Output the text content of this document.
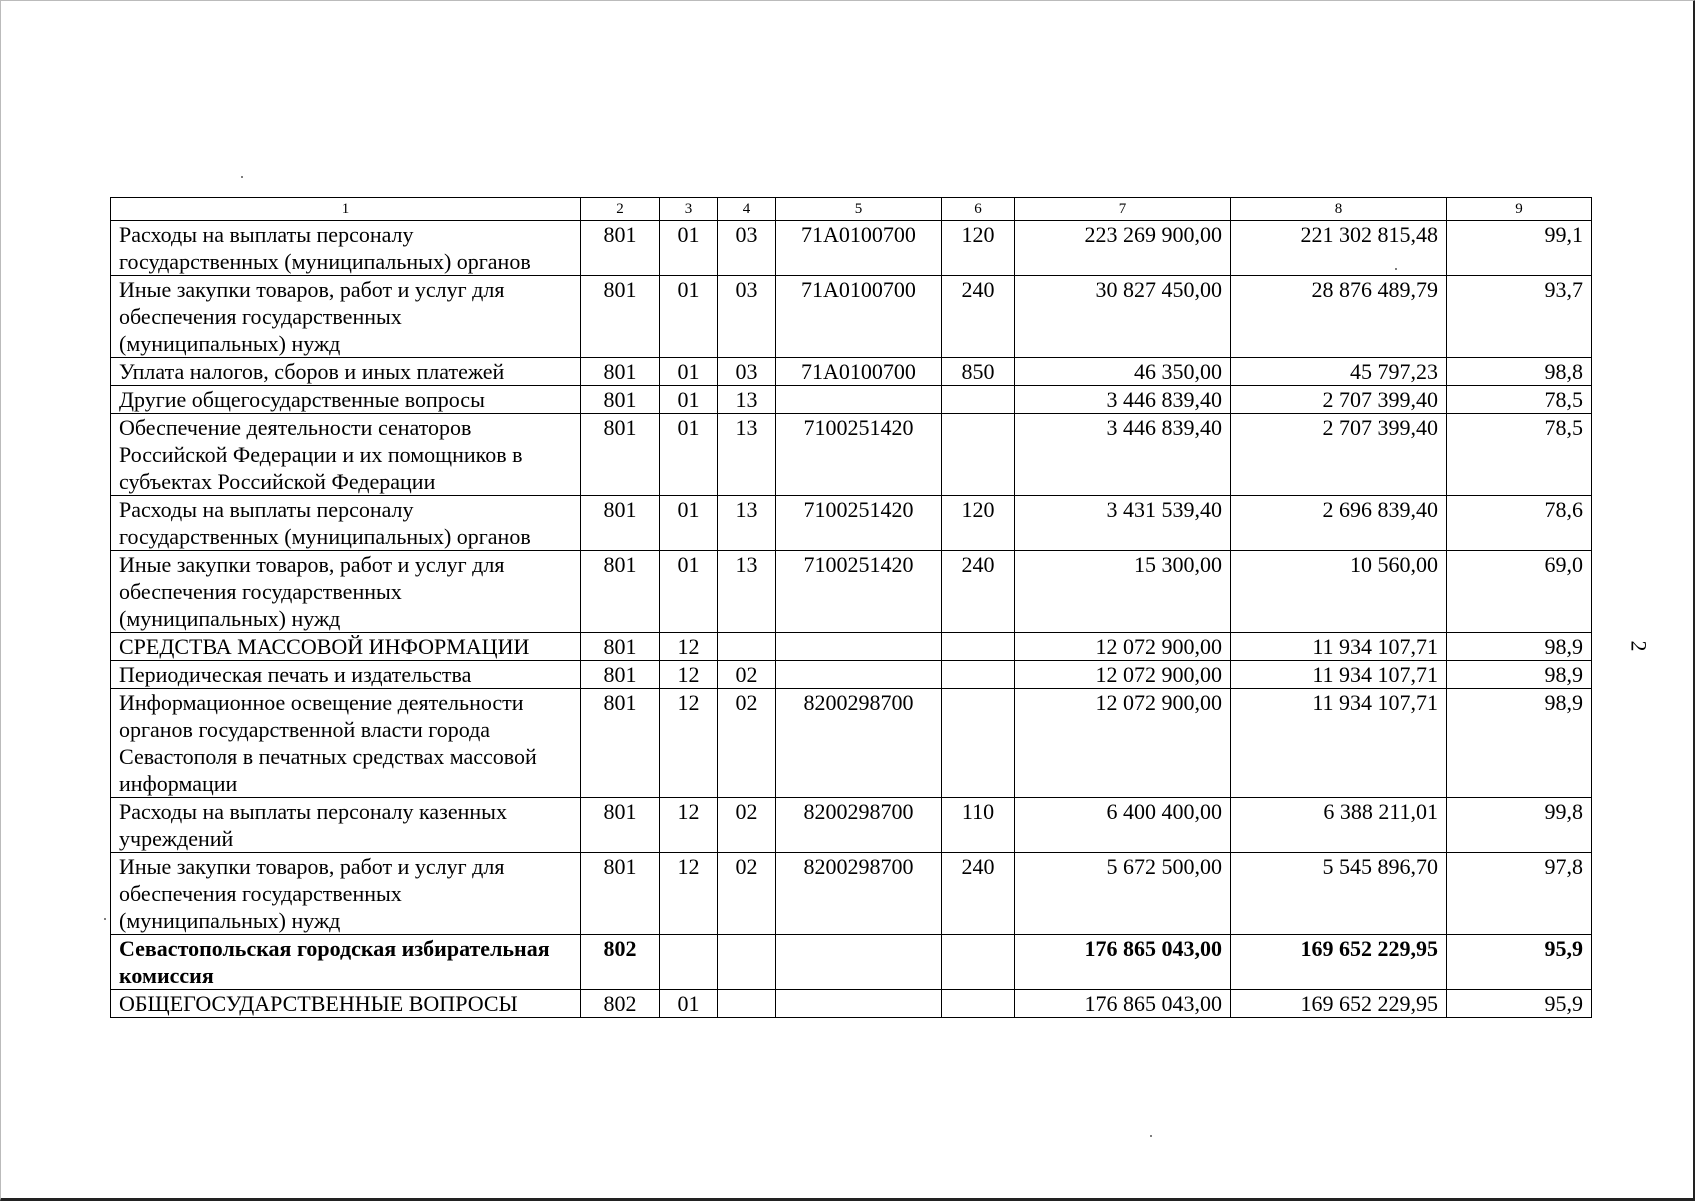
2
1	2	3	4	5	6	7	8	9
Расходы на выплаты персоналу государственных (муниципальных) органов	801	01	03	71А0100700	120	223 269 900,00	221 302 815,48	99,1
Иные закупки товаров, работ и услуг для обеспечения государственных (муниципальных) нужд	801	01	03	71А0100700	240	30 827 450,00	28 876 489,79	93,7
Уплата налогов, сборов и иных платежей	801	01	03	71А0100700	850	46 350,00	45 797,23	98,8
Другие общегосударственные вопросы	801	01	13			3 446 839,40	2 707 399,40	78,5
Обеспечение деятельности сенаторов Российской Федерации и их помощников в субъектах Российской Федерации	801	01	13	7100251420		3 446 839,40	2 707 399,40	78,5
Расходы на выплаты персоналу государственных (муниципальных) органов	801	01	13	7100251420	120	3 431 539,40	2 696 839,40	78,6
Иные закупки товаров, работ и услуг для обеспечения государственных (муниципальных) нужд	801	01	13	7100251420	240	15 300,00	10 560,00	69,0
СРЕДСТВА МАССОВОЙ ИНФОРМАЦИИ	801	12				12 072 900,00	11 934 107,71	98,9
Периодическая печать и издательства	801	12	02			12 072 900,00	11 934 107,71	98,9
Информационное освещение деятельности органов государственной власти города Севастополя в печатных средствах массовой информации	801	12	02	8200298700		12 072 900,00	11 934 107,71	98,9
Расходы на выплаты персоналу казенных учреждений	801	12	02	8200298700	110	6 400 400,00	6 388 211,01	99,8
Иные закупки товаров, работ и услуг для обеспечения государственных (муниципальных) нужд	801	12	02	8200298700	240	5 672 500,00	5 545 896,70	97,8
Севастопольская городская избирательная комиссия	802					176 865 043,00	169 652 229,95	95,9
ОБЩЕГОСУДАРСТВЕННЫЕ ВОПРОСЫ	802	01				176 865 043,00	169 652 229,95	95,9
